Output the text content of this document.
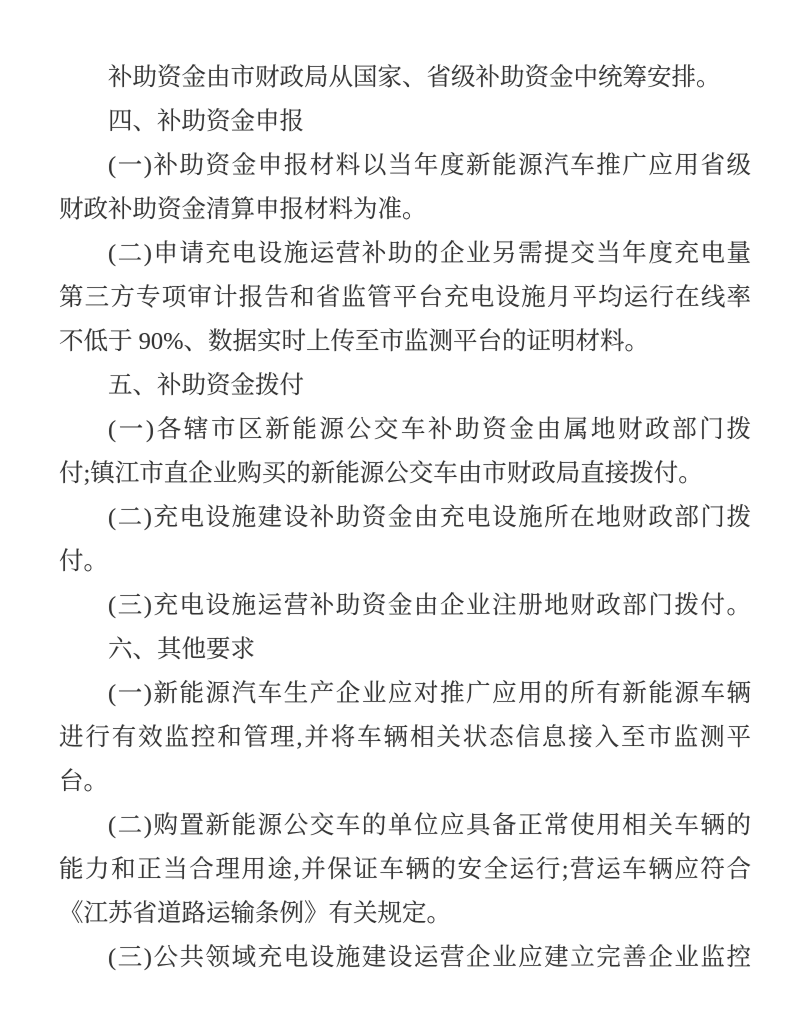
补助资金由市财政局从国家、省级补助资金中统筹安排。
四、补助资金申报
(一)补助资金申报材料以当年度新能源汽车推广应用省级
财政补助资金清算申报材料为准。
(二)申请充电设施运营补助的企业另需提交当年度充电量
第三方专项审计报告和省监管平台充电设施月平均运行在线率
不低于 90%、数据实时上传至市监测平台的证明材料。
五、补助资金拨付
(一)各辖市区新能源公交车补助资金由属地财政部门拨
付;镇江市直企业购买的新能源公交车由市财政局直接拨付。
(二)充电设施建设补助资金由充电设施所在地财政部门拨
付。
(三)充电设施运营补助资金由企业注册地财政部门拨付。
六、其他要求
(一)新能源汽车生产企业应对推广应用的所有新能源车辆
进行有效监控和管理,并将车辆相关状态信息接入至市监测平
台。
(二)购置新能源公交车的单位应具备正常使用相关车辆的
能力和正当合理用途,并保证车辆的安全运行;营运车辆应符合
《江苏省道路运输条例》有关规定。
(三)公共领域充电设施建设运营企业应建立完善企业监控
